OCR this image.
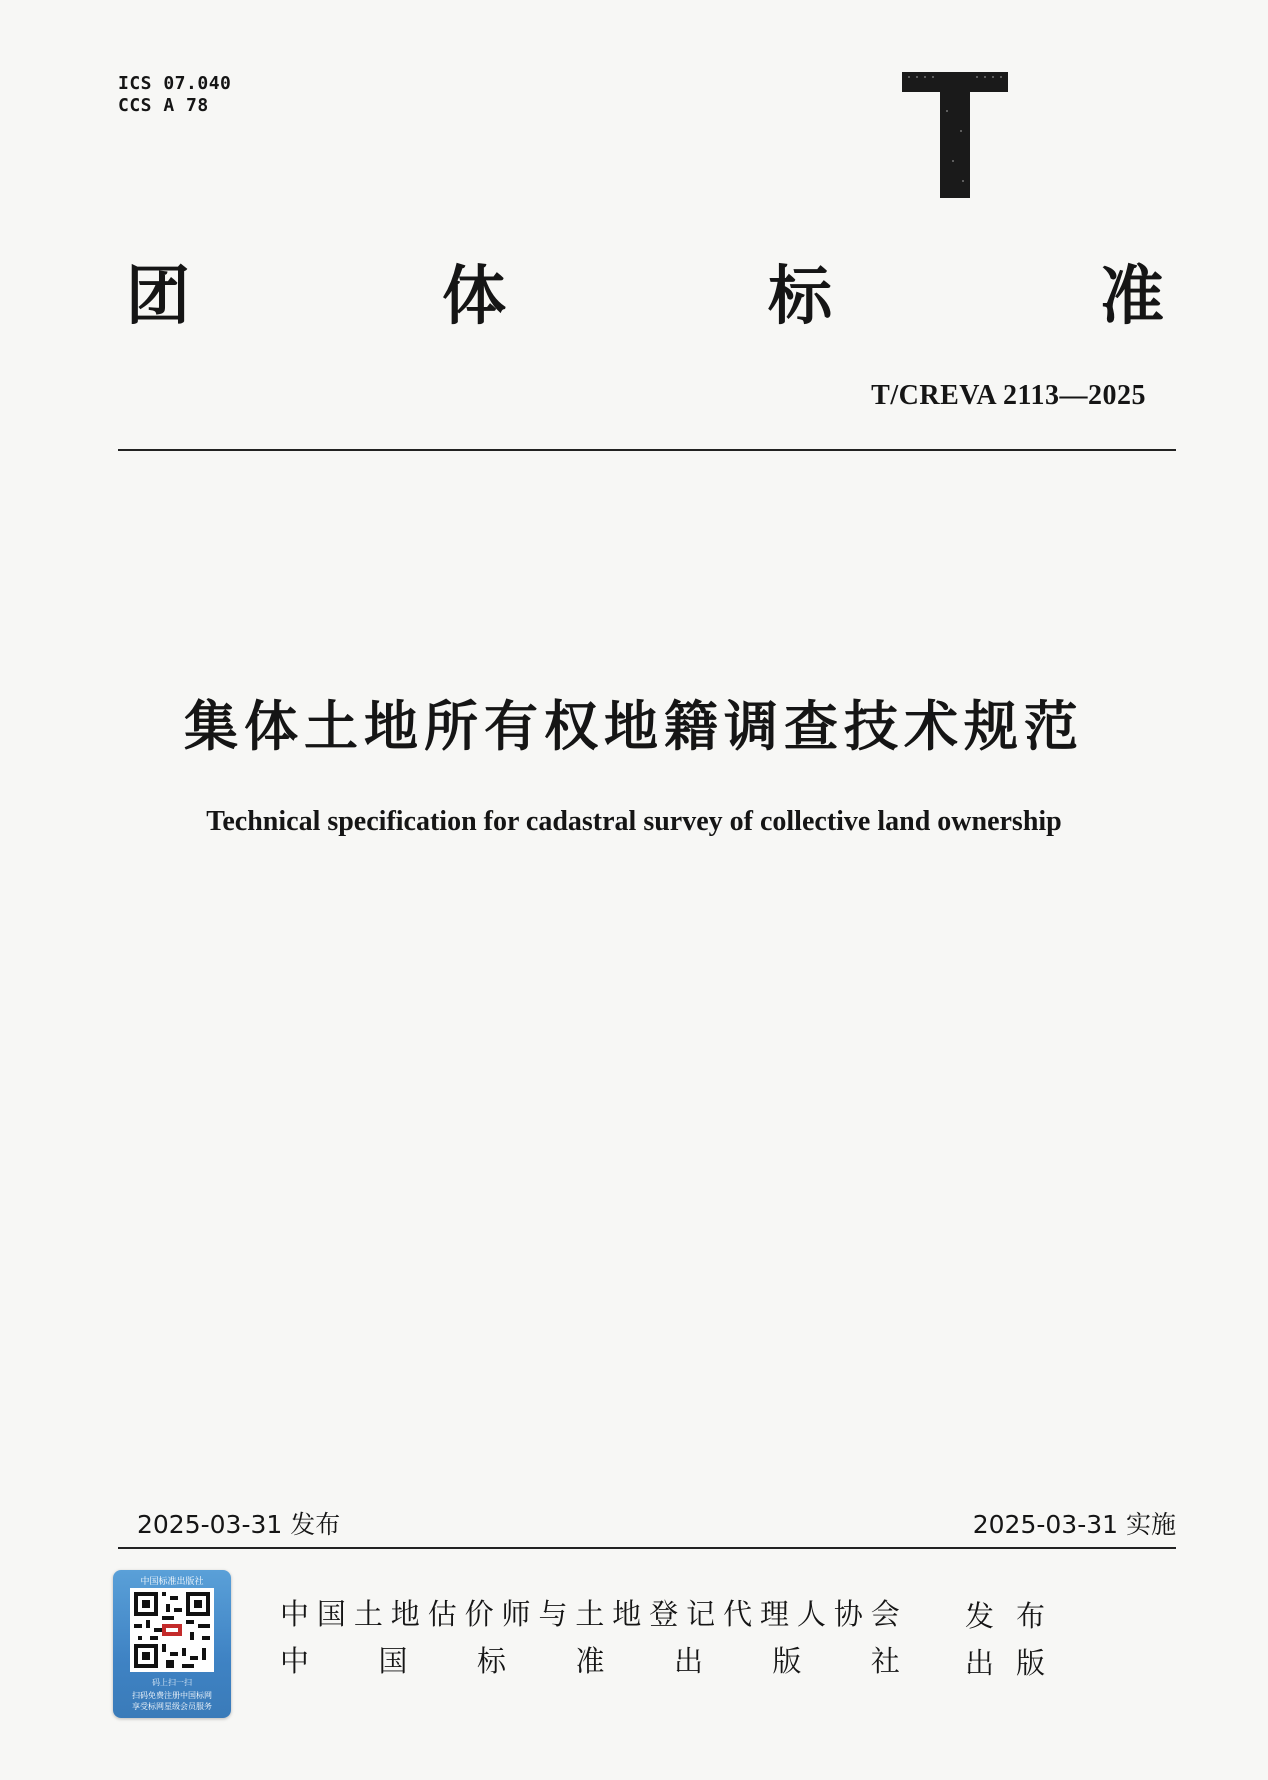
ICS 07.040
CCS A 78
团	体	标	准
T/CREVA 2113—2025
集体土地所有权地籍调查技术规范
Technical specification for cadastral survey of collective land ownership
2025-03-31 发布	2025-03-31 实施
中国标准出版社
码上扫一扫
扫码免费注册中国标网
享受标网星级会员服务
中 国 土 地 估 价 师 与 土 地 登 记 代 理 人 协 会 发 布
中 国 标 准 出 版 社 出 版
